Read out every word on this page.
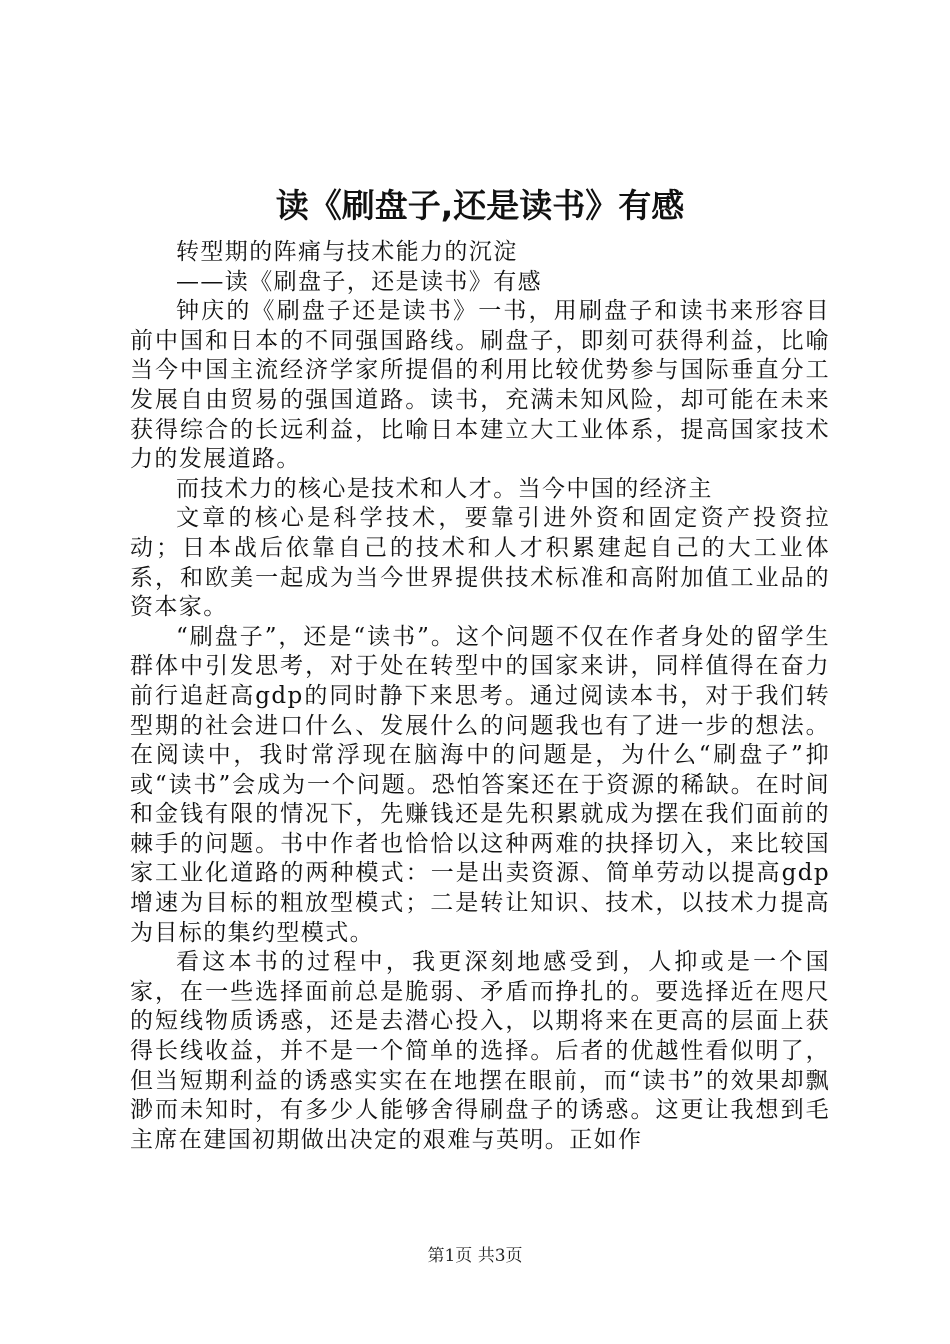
读《刷盘子,还是读书》有感

转型期的阵痛与技术能力的沉淀

——读《刷盘子，还是读书》有感

钟庆的《刷盘子还是读书》一书，用刷盘子和读书来形容目前中国和日本的不同强国路线。刷盘子，即刻可获得利益，比喻当今中国主流经济学家所提倡的利用比较优势参与国际垂直分工发展自由贸易的强国道路。读书，充满未知风险，却可能在未来获得综合的长远利益，比喻日本建立大工业体系，提高国家技术力的发展道路。

而技术力的核心是技术和人才。当今中国的经济主

文章的核心是科学技术，要靠引进外资和固定资产投资拉动；日本战后依靠自己的技术和人才积累建起自己的大工业体系，和欧美一起成为当今世界提供技术标准和高附加值工业品的资本家。

“刷盘子”，还是“读书”。这个问题不仅在作者身处的留学生群体中引发思考，对于处在转型中的国家来讲，同样值得在奋力前行追赶高gdp的同时静下来思考。通过阅读本书，对于我们转型期的社会进口什么、发展什么的问题我也有了进一步的想法。在阅读中，我时常浮现在脑海中的问题是，为什么“刷盘子”抑或“读书”会成为一个问题。恐怕答案还在于资源的稀缺。在时间和金钱有限的情况下，先赚钱还是先积累就成为摆在我们面前的棘手的问题。书中作者也恰恰以这种两难的抉择切入，来比较国家工业化道路的两种模式：一是出卖资源、简单劳动以提高gdp增速为目标的粗放型模式；二是转让知识、技术，以技术力提高为目标的集约型模式。

看这本书的过程中，我更深刻地感受到，人抑或是一个国家，在一些选择面前总是脆弱、矛盾而挣扎的。要选择近在咫尺的短线物质诱惑，还是去潜心投入，以期将来在更高的层面上获得长线收益，并不是一个简单的选择。后者的优越性看似明了，但当短期利益的诱惑实实在在地摆在眼前，而“读书”的效果却飘渺而未知时，有多少人能够舍得刷盘子的诱惑。这更让我想到毛主席在建国初期做出决定的艰难与英明。正如作

第1页 共3页
